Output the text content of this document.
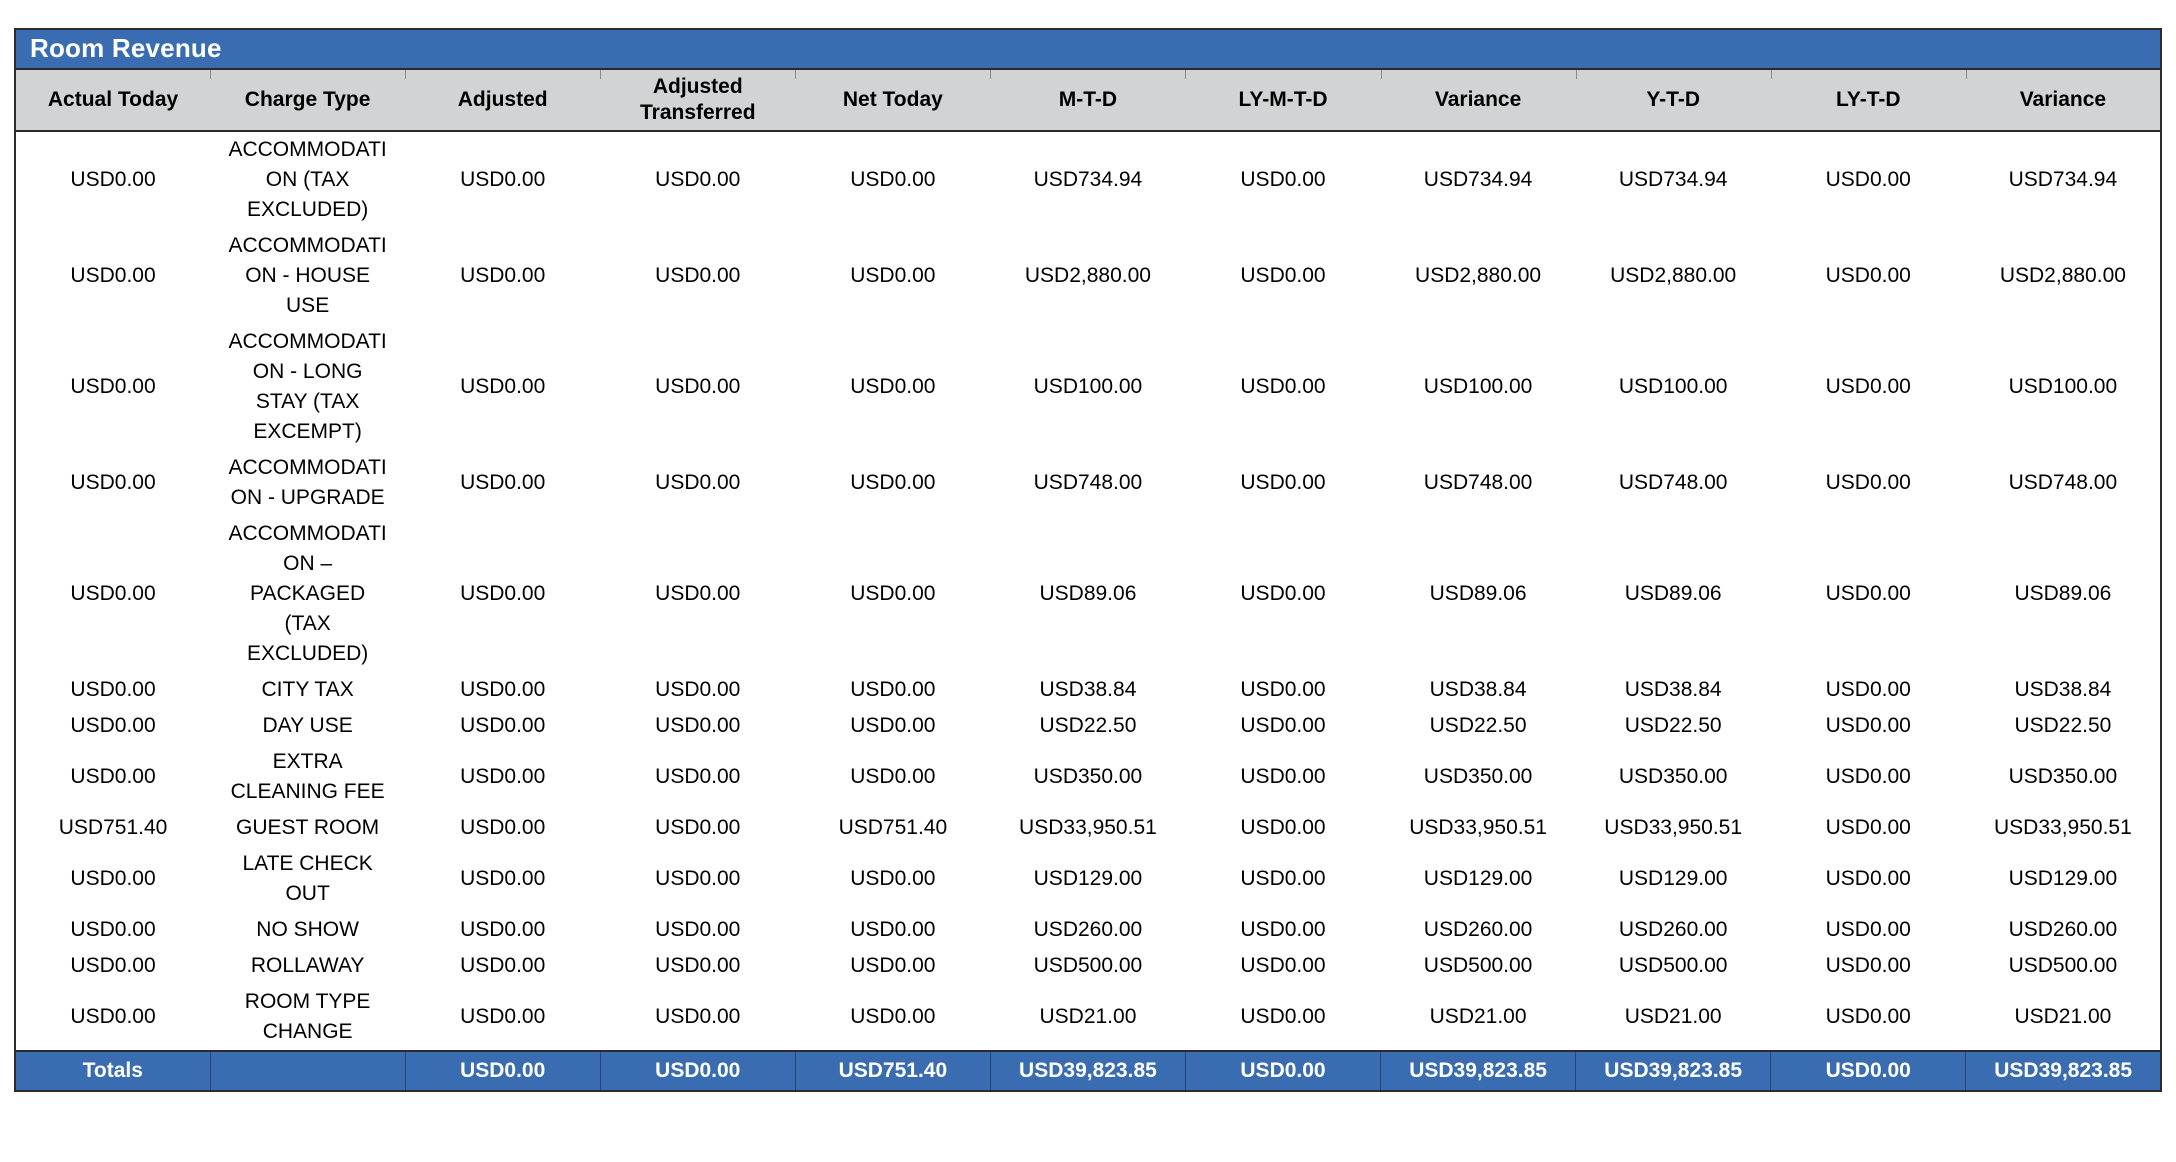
Room Revenue										
Actual Today	Charge Type	Adjusted	Adjusted Transferred	Net Today	M-T-D	LY-M-T-D	Variance	Y-T-D	LY-T-D	Variance
USD0.00	ACCOMMODATION (TAX EXCLUDED)	USD0.00	USD0.00	USD0.00	USD734.94	USD0.00	USD734.94	USD734.94	USD0.00	USD734.94
USD0.00	ACCOMMODATION - HOUSE USE	USD0.00	USD0.00	USD0.00	USD2,880.00	USD0.00	USD2,880.00	USD2,880.00	USD0.00	USD2,880.00
USD0.00	ACCOMMODATION - LONG STAY (TAX EXCEMPT)	USD0.00	USD0.00	USD0.00	USD100.00	USD0.00	USD100.00	USD100.00	USD0.00	USD100.00
USD0.00	ACCOMMODATION - UPGRADE	USD0.00	USD0.00	USD0.00	USD748.00	USD0.00	USD748.00	USD748.00	USD0.00	USD748.00
USD0.00	ACCOMMODATION – PACKAGED (TAX EXCLUDED)	USD0.00	USD0.00	USD0.00	USD89.06	USD0.00	USD89.06	USD89.06	USD0.00	USD89.06
USD0.00	CITY TAX	USD0.00	USD0.00	USD0.00	USD38.84	USD0.00	USD38.84	USD38.84	USD0.00	USD38.84
USD0.00	DAY USE	USD0.00	USD0.00	USD0.00	USD22.50	USD0.00	USD22.50	USD22.50	USD0.00	USD22.50
USD0.00	EXTRA CLEANING FEE	USD0.00	USD0.00	USD0.00	USD350.00	USD0.00	USD350.00	USD350.00	USD0.00	USD350.00
USD751.40	GUEST ROOM	USD0.00	USD0.00	USD751.40	USD33,950.51	USD0.00	USD33,950.51	USD33,950.51	USD0.00	USD33,950.51
USD0.00	LATE CHECK OUT	USD0.00	USD0.00	USD0.00	USD129.00	USD0.00	USD129.00	USD129.00	USD0.00	USD129.00
USD0.00	NO SHOW	USD0.00	USD0.00	USD0.00	USD260.00	USD0.00	USD260.00	USD260.00	USD0.00	USD260.00
USD0.00	ROLLAWAY	USD0.00	USD0.00	USD0.00	USD500.00	USD0.00	USD500.00	USD500.00	USD0.00	USD500.00
USD0.00	ROOM TYPE CHANGE	USD0.00	USD0.00	USD0.00	USD21.00	USD0.00	USD21.00	USD21.00	USD0.00	USD21.00
Totals		USD0.00	USD0.00	USD751.40	USD39,823.85	USD0.00	USD39,823.85	USD39,823.85	USD0.00	USD39,823.85
